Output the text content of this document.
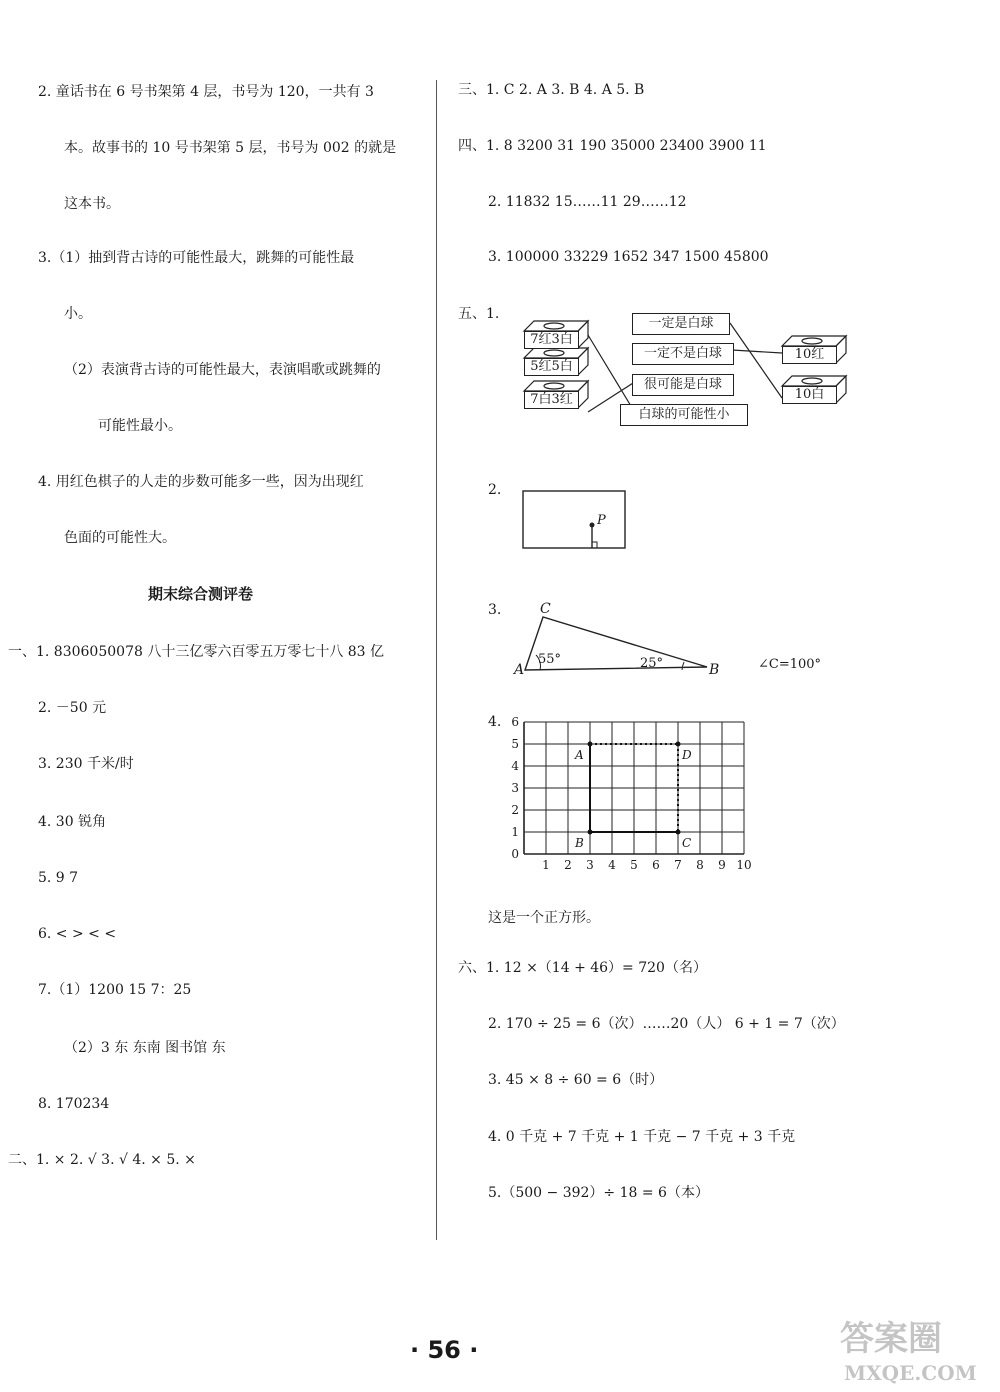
2. 童话书在 6 号书架第 4 层，书号为 120，一共有 3
本。故事书的 10 号书架第 5 层，书号为 002 的就是
这本书。
3.（1）抽到背古诗的可能性最大，跳舞的可能性最
小。
（2）表演背古诗的可能性最大，表演唱歌或跳舞的
可能性最小。
4. 用红色棋子的人走的步数可能多一些，因为出现红
色面的可能性大。
期末综合测评卷
一、1. 8306050078 八十三亿零六百零五万零七十八 83 亿
2. －50 元
3. 230 千米/时
4. 30 锐角
5. 9 7
6. < > < <
7.（1）1200 15 7：25
（2）3 东 东南 图书馆 东
8. 170234
二、1. × 2. √ 3. √ 4. × 5. ×
三、1. C 2. A 3. B 4. A 5. B
四、1. 8 3200 31 190 35000 23400 3900 11
2. 11832 15……11 29……12
3. 100000 33229 1652 347 1500 45800
五、1.
7红3白
5红5白
7白3红
一定是白球
一定不是白球
很可能是白球
白球的可能性小
10红
10白
2.
P
3.	C
A	B
55°	25°	∠C=100°
4.
1 2 3 4 5 6 7 8 9 10
0
1
2
3
4
5
6
A	D
B	C
这是一个正方形。
六、1. 12 ×（14 + 46）= 720（名）
2. 170 ÷ 25 = 6（次）……20（人） 6 + 1 = 7（次）
3. 45 × 8 ÷ 60 = 6（时）
4. 0 千克 + 7 千克 + 1 千克 − 7 千克 + 3 千克
5.（500 − 392）÷ 18 = 6（本）
· 56 ·	答案圈
MXQE.COM
